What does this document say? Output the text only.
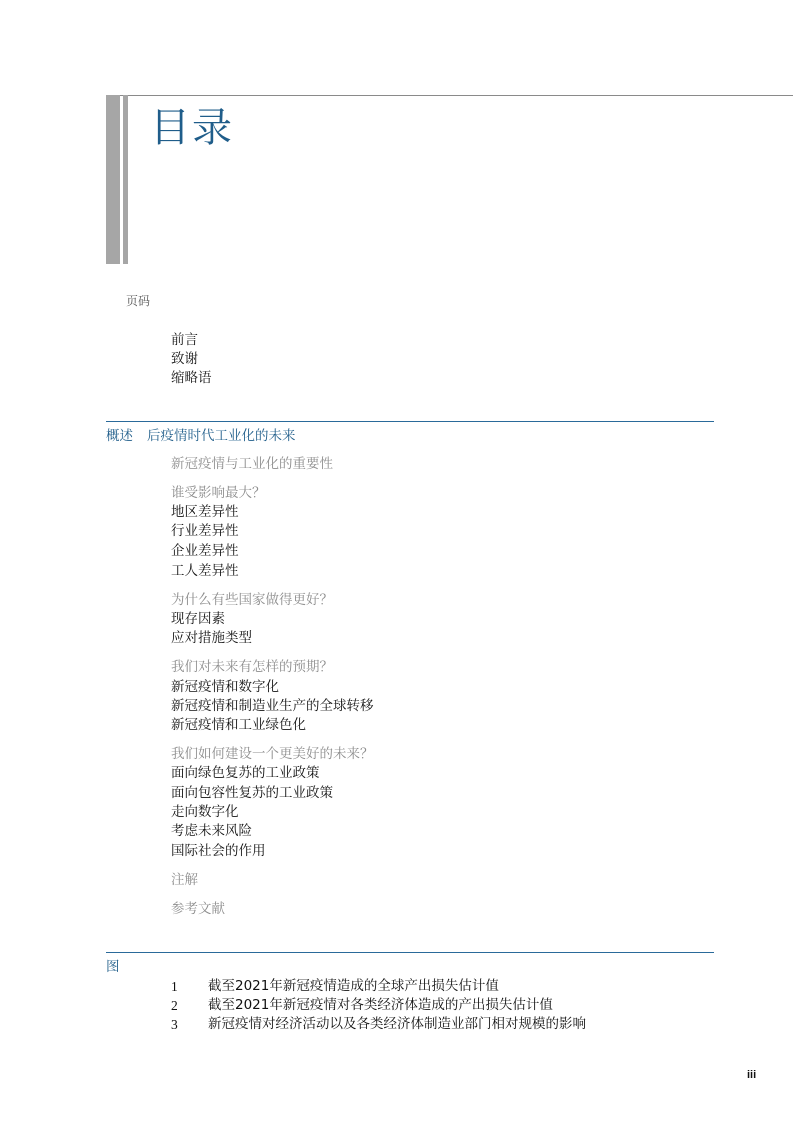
目录
页码
前言
致谢
缩略语
概述 后疫情时代工业化的未来
新冠疫情与工业化的重要性
谁受影响最大？
地区差异性
行业差异性
企业差异性
工人差异性
为什么有些国家做得更好？
现存因素
应对措施类型
我们对未来有怎样的预期？
新冠疫情和数字化
新冠疫情和制造业生产的全球转移
新冠疫情和工业绿色化
我们如何建设一个更美好的未来？
面向绿色复苏的工业政策
面向包容性复苏的工业政策
走向数字化
考虑未来风险
国际社会的作用
注解
参考文献
图
1 截至2021年新冠疫情造成的全球产出损失估计值
2 截至2021年新冠疫情对各类经济体造成的产出损失估计值
3 新冠疫情对经济活动以及各类经济体制造业部门相对规模的影响
iii
